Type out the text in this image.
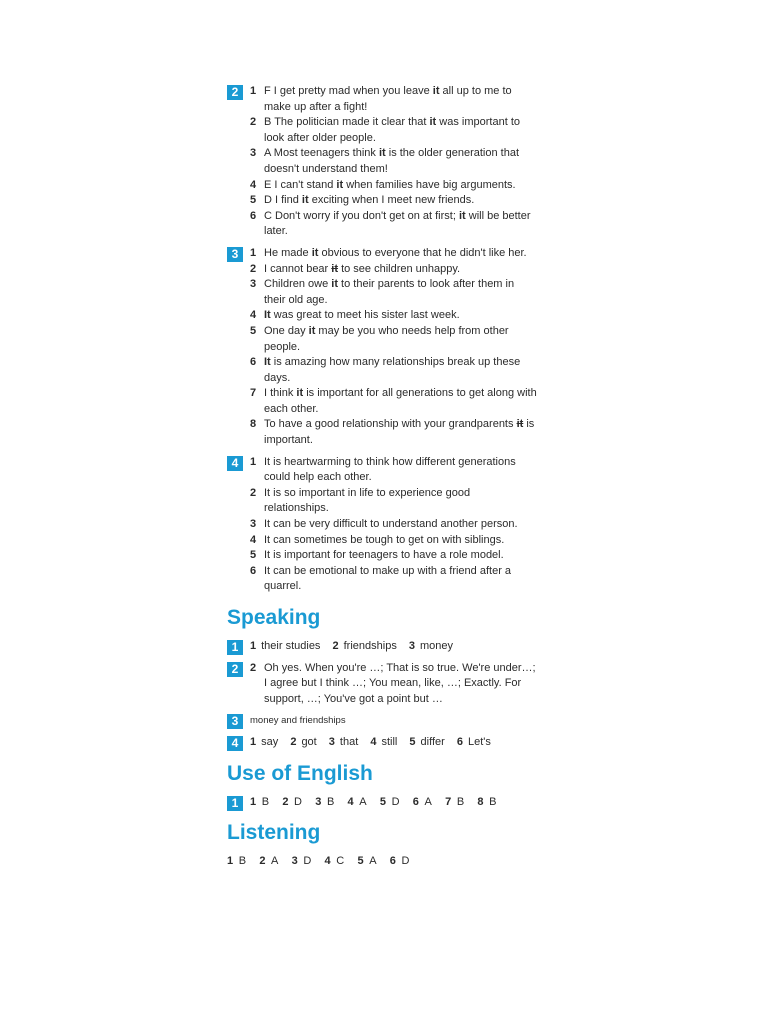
2	1 F I get pretty mad when you leave it all up to me to make up after a fight!
2 B The politician made it clear that it was important to look after older people.
3 A Most teenagers think it is the older generation that doesn't understand them!
4 E I can't stand it when families have big arguments.
5 D I find it exciting when I meet new friends.
6 C Don't worry if you don't get on at first; it will be better later.
3	1 He made it obvious to everyone that he didn't like her.
2 I cannot bear it to see children unhappy.
3 Children owe it to their parents to look after them in their old age.
4 It was great to meet his sister last week.
5 One day it may be you who needs help from other people.
6 It is amazing how many relationships break up these days.
7 I think it is important for all generations to get along with each other.
8 To have a good relationship with your grandparents it is important.
4	1 It is heartwarming to think how different generations could help each other.
2 It is so important in life to experience good relationships.
3 It can be very difficult to understand another person.
4 It can sometimes be tough to get on with siblings.
5 It is important for teenagers to have a role model.
6 It can be emotional to make up with a friend after a quarrel.
Speaking
1	1 their studies 2 friendships 3 money
2	2 Oh yes. When you're …; That is so true. We're under…; I agree but I think …; You mean, like, …; Exactly. For support, …; You've got a point but …
3	money and friendships
4	1 say 2 got 3 that 4 still 5 differ 6 Let's
Use of English
1	1 B 2 D 3 B 4 A 5 D 6 A 7 B 8 B
Listening
1 B 2 A 3 D 4 C 5 A 6 D
